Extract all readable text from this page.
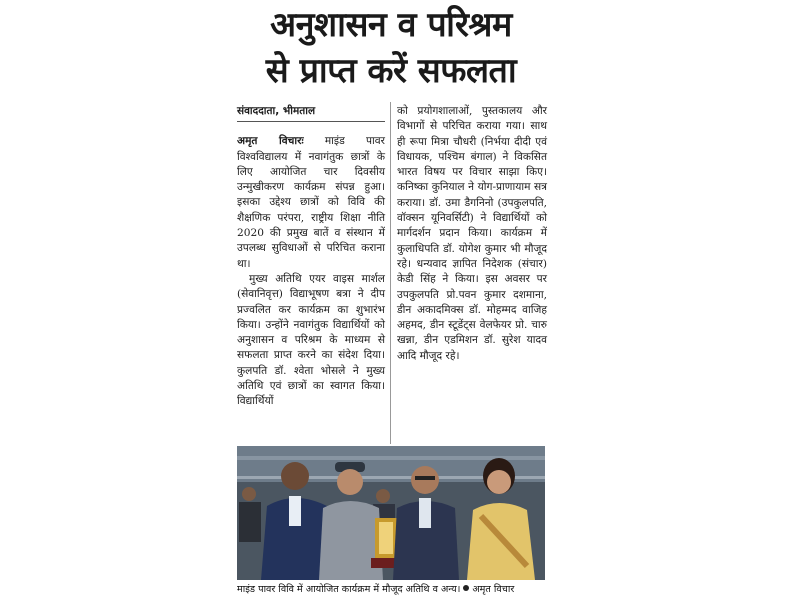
अनुशासन व परिश्रम
से प्राप्त करें सफलता
संवाददाता, भीमताल

अमृत विचारः माइंड पावर विश्वविद्यालय में नवागंतुक छात्रों के लिए आयोजित चार दिवसीय उन्मुखीकरण कार्यक्रम संपन्न हुआ। इसका उद्देश्य छात्रों को विवि की शैक्षणिक परंपरा, राष्ट्रीय शिक्षा नीति 2020 की प्रमुख बातें व संस्थान में उपलब्ध सुविधाओं से परिचित कराना था।

मुख्य अतिथि एयर वाइस मार्शल (सेवानिवृत्त) विद्याभूषण बत्रा ने दीप प्रज्वलित कर कार्यक्रम का शुभारंभ किया। उन्होंने नवागंतुक विद्यार्थियों को अनुशासन व परिश्रम के माध्यम से सफलता प्राप्त करने का संदेश दिया। कुलपति डॉ. श्वेता भोसले ने मुख्य अतिथि एवं छात्रों का स्वागत किया। विद्यार्थियों

को प्रयोगशालाओं, पुस्तकालय और विभागों से परिचित कराया गया। साथ ही रूपा मित्रा चौधरी (निर्भया दीदी एवं विधायक, पश्चिम बंगाल) ने विकसित भारत विषय पर विचार साझा किए। कनिष्का कुनियाल ने योग-प्राणायाम सत्र कराया। डॉ. उमा डैगनिनो (उपकुलपति, वॉक्सन यूनिवर्सिटी) ने विद्यार्थियों को मार्गदर्शन प्रदान किया। कार्यक्रम में कुलाधिपति डॉ. योगेश कुमार भी मौजूद रहे। धन्यवाद ज्ञापित निदेशक (संचार) केडी सिंह ने किया। इस अवसर पर उपकुलपति प्रो.पवन कुमार दशमाना, डीन अकादमिक्स डॉ. मोहम्मद वाजिह अहमद, डीन स्टूडेंट्स वेलफेयर प्रो. चारु खन्ना, डीन एडमिशन डॉ. सुरेश यादव आदि मौजूद रहे।

माइंड पावर विवि में आयोजित कार्यक्रम में मौजूद अतिथि व अन्य। अमृत विचार
